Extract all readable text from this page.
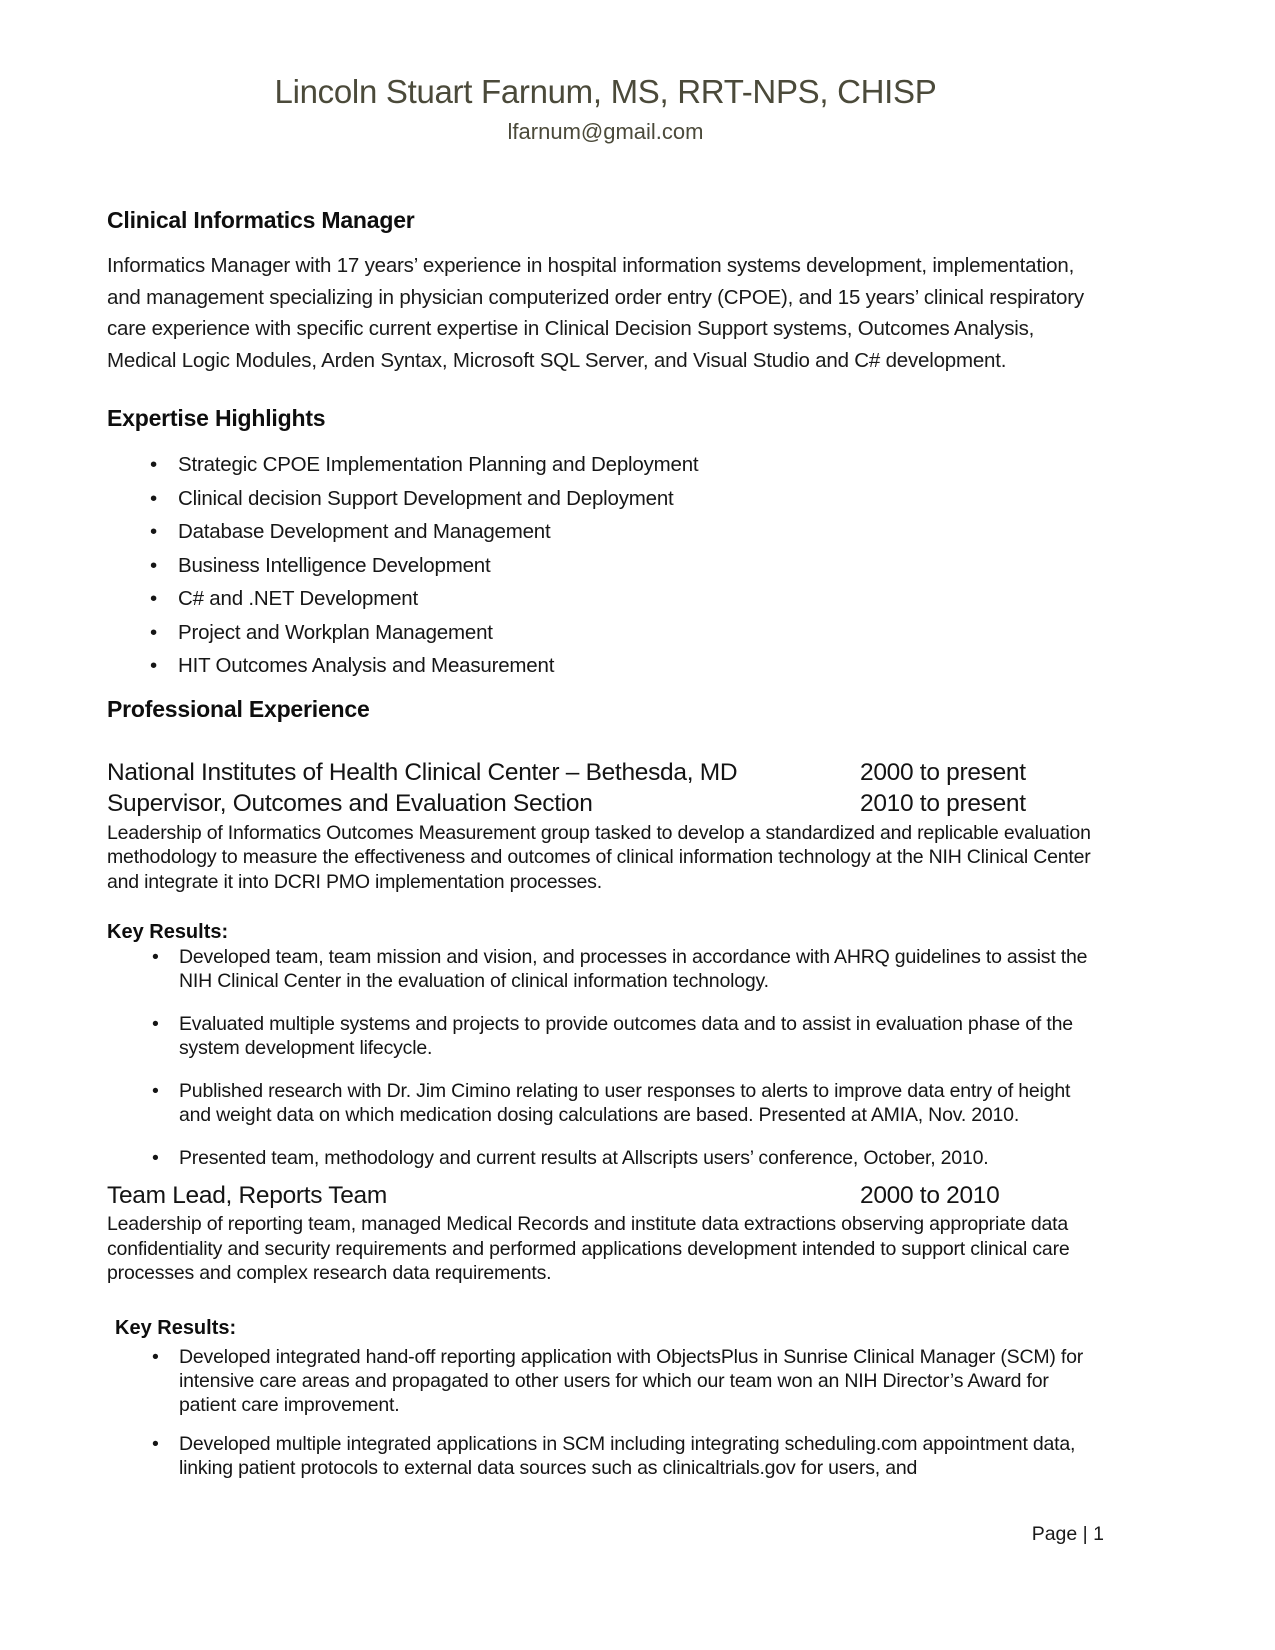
Lincoln Stuart Farnum, MS, RRT-NPS, CHISP
lfarnum@gmail.com
Clinical Informatics Manager
Informatics Manager with 17 years’ experience in hospital information systems development, implementation, and management specializing in physician computerized order entry (CPOE), and 15 years’ clinical respiratory care experience with specific current expertise in Clinical Decision Support systems, Outcomes Analysis, Medical Logic Modules, Arden Syntax, Microsoft SQL Server, and Visual Studio and C# development.
Expertise Highlights
• Strategic CPOE Implementation Planning and Deployment
• Clinical decision Support Development and Deployment
• Database Development and Management
• Business Intelligence Development
• C# and .NET Development
• Project and Workplan Management
• HIT Outcomes Analysis and Measurement
Professional Experience
National Institutes of Health Clinical Center – Bethesda, MD	2000 to present
Supervisor, Outcomes and Evaluation Section	2010 to present
Leadership of Informatics Outcomes Measurement group tasked to develop a standardized and replicable evaluation methodology to measure the effectiveness and outcomes of clinical information technology at the NIH Clinical Center and integrate it into DCRI PMO implementation processes.
Key Results:
• Developed team, team mission and vision, and processes in accordance with AHRQ guidelines to assist the NIH Clinical Center in the evaluation of clinical information technology.
• Evaluated multiple systems and projects to provide outcomes data and to assist in evaluation phase of the system development lifecycle.
• Published research with Dr. Jim Cimino relating to user responses to alerts to improve data entry of height and weight data on which medication dosing calculations are based. Presented at AMIA, Nov. 2010.
• Presented team, methodology and current results at Allscripts users’ conference, October, 2010.
Team Lead, Reports Team	2000 to 2010
Leadership of reporting team, managed Medical Records and institute data extractions observing appropriate data confidentiality and security requirements and performed applications development intended to support clinical care processes and complex research data requirements.
Key Results:
• Developed integrated hand-off reporting application with ObjectsPlus in Sunrise Clinical Manager (SCM) for intensive care areas and propagated to other users for which our team won an NIH Director’s Award for patient care improvement.
• Developed multiple integrated applications in SCM including integrating scheduling.com appointment data, linking patient protocols to external data sources such as clinicaltrials.gov for users, and
Page | 1
